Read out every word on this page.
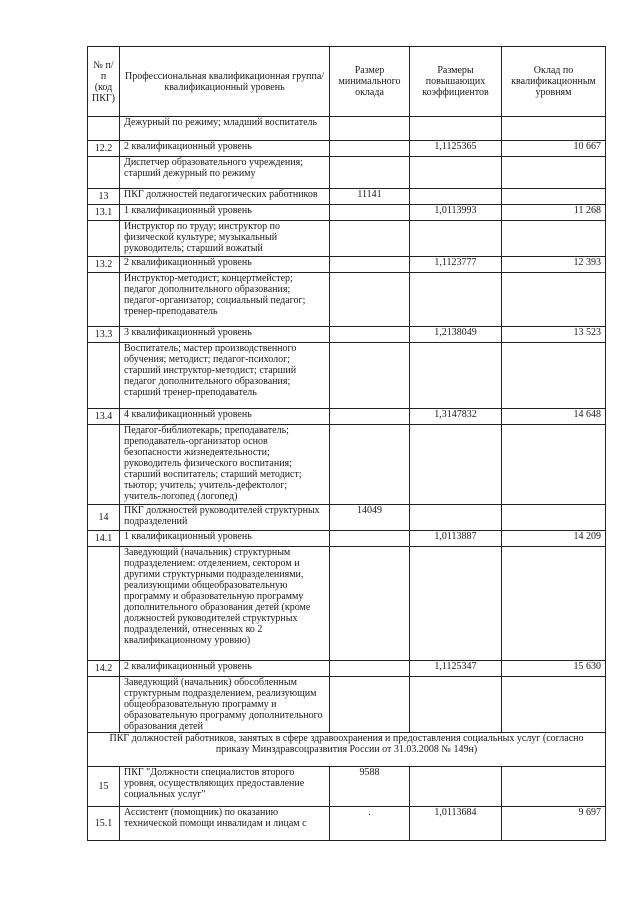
№ п/п (код ПКГ)	Профессиональная квалификационная группа/квалификационный уровень	Размер минимального оклада	Размеры повышающих коэффициентов	Оклад по квалификационным уровням
	Дежурный по режиму; младший воспитатель			
12.2	2 квалификационный уровень		1,1125365	10 667
	Диспетчер образовательного учреждения; старший дежурный по режиму			
13	ПКГ должностей педагогических работников	11141		
13.1	1 квалификационный уровень		1,0113993	11 268
	Инструктор по труду; инструктор по физической культуре; музыкальный руководитель; старший вожатый			
13.2	2 квалификационный уровень		1,1123777	12 393
	Инструктор-методист; концертмейстер; педагог дополнительного образования; педагог-организатор; социальный педагог; тренер-преподаватель			
13.3	3 квалификационный уровень		1,2138049	13 523
	Воспитатель; мастер производственного обучения; методист; педагог-психолог; старший инструктор-методист; старший педагог дополнительного образования; старший тренер-преподаватель			
13.4	4 квалификационный уровень		1,3147832	14 648
	Педагог-библиотекарь; преподаватель; преподаватель-организатор основ безопасности жизнедеятельности; руководитель физического воспитания; старший воспитатель; старший методист; тьютор; учитель; учитель-дефектолог; учитель-логопед (логопед)			
14	ПКГ должностей руководителей структурных подразделений	14049		
14.1	1 квалификационный уровень		1,0113887	14 209
	Заведующий (начальник) структурным подразделением: отделением, сектором и другими структурными подразделениями, реализующими общеобразовательную программу и образовательную программу дополнительного образования детей (кроме должностей руководителей структурных подразделений, отнесенных ко 2 квалификационному уровню)			
14.2	2 квалификационный уровень		1,1125347	15 630
	Заведующий (начальник) обособленным структурным подразделением, реализующим общеобразовательную программу и образовательную программу дополнительного образования детей			
ПКГ должностей работников, занятых в сфере здравоохранения и предоставления социальных услуг (согласно приказу Минздравсоцразвития России от 31.03.2008 № 149н)				
15	ПКГ "Должности специалистов второго уровня, осуществляющих предоставление социальных услуг"	9588		
15.1	Ассистент (помощник) по оказанию технической помощи инвалидам и лицам с	.	1,0113684	9 697
